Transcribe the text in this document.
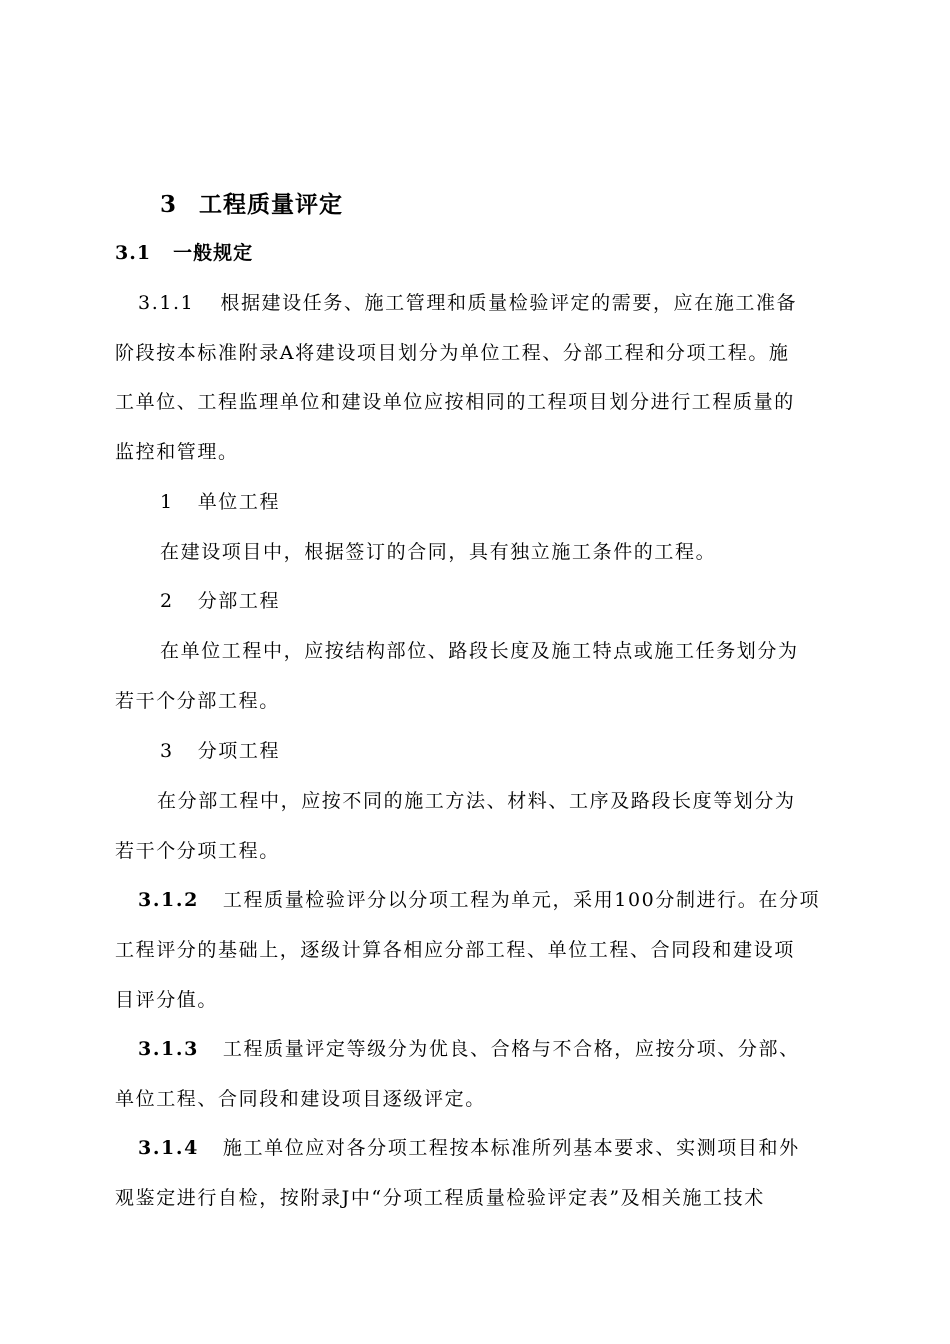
3 工程质量评定
3.1 一般规定
3.1.1 根据建设任务、施工管理和质量检验评定的需要，应在施工准备
阶段按本标准附录A将建设项目划分为单位工程、分部工程和分项工程。施
工单位、工程监理单位和建设单位应按相同的工程项目划分进行工程质量的
监控和管理。
1 单位工程
在建设项目中，根据签订的合同，具有独立施工条件的工程。
2 分部工程
在单位工程中，应按结构部位、路段长度及施工特点或施工任务划分为
若干个分部工程。
3 分项工程
在分部工程中，应按不同的施工方法、材料、工序及路段长度等划分为
若干个分项工程。
3.1.2 工程质量检验评分以分项工程为单元，采用100分制进行。在分项
工程评分的基础上，逐级计算各相应分部工程、单位工程、合同段和建设项
目评分值。
3.1.3 工程质量评定等级分为优良、合格与不合格，应按分项、分部、
单位工程、合同段和建设项目逐级评定。
3.1.4 施工单位应对各分项工程按本标准所列基本要求、实测项目和外
观鉴定进行自检，按附录J中“分项工程质量检验评定表”及相关施工技术
